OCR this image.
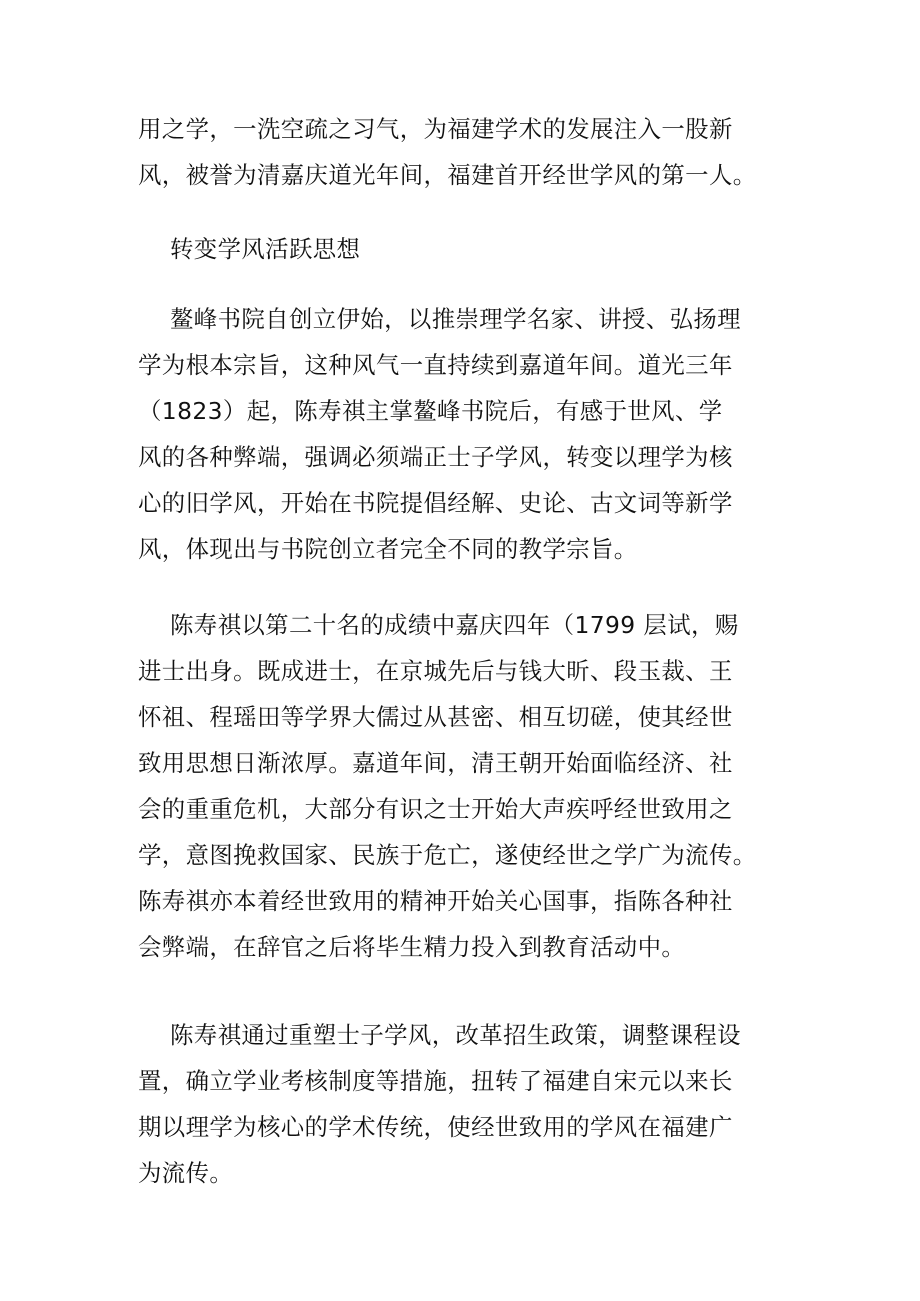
用之学，一洗空疏之习气，为福建学术的发展注入一股新
风，被誉为清嘉庆道光年间，福建首开经世学风的第一人。
转变学风活跃思想
鳌峰书院自创立伊始，以推崇理学名家、讲授、弘扬理
学为根本宗旨，这种风气一直持续到嘉道年间。道光三年
（1823）起，陈寿祺主掌鳌峰书院后，有感于世风、学
风的各种弊端，强调必须端正士子学风，转变以理学为核
心的旧学风，开始在书院提倡经解、史论、古文词等新学
风，体现出与书院创立者完全不同的教学宗旨。
陈寿祺以第二十名的成绩中嘉庆四年（1799 层试，赐
进士出身。既成进士，在京城先后与钱大昕、段玉裁、王
怀祖、程瑶田等学界大儒过从甚密、相互切磋，使其经世
致用思想日渐浓厚。嘉道年间，清王朝开始面临经济、社
会的重重危机，大部分有识之士开始大声疾呼经世致用之
学，意图挽救国家、民族于危亡，遂使经世之学广为流传。
陈寿祺亦本着经世致用的精神开始关心国事，指陈各种社
会弊端，在辞官之后将毕生精力投入到教育活动中。
陈寿祺通过重塑士子学风，改革招生政策，调整课程设
置，确立学业考核制度等措施，扭转了福建自宋元以来长
期以理学为核心的学术传统，使经世致用的学风在福建广
为流传。
